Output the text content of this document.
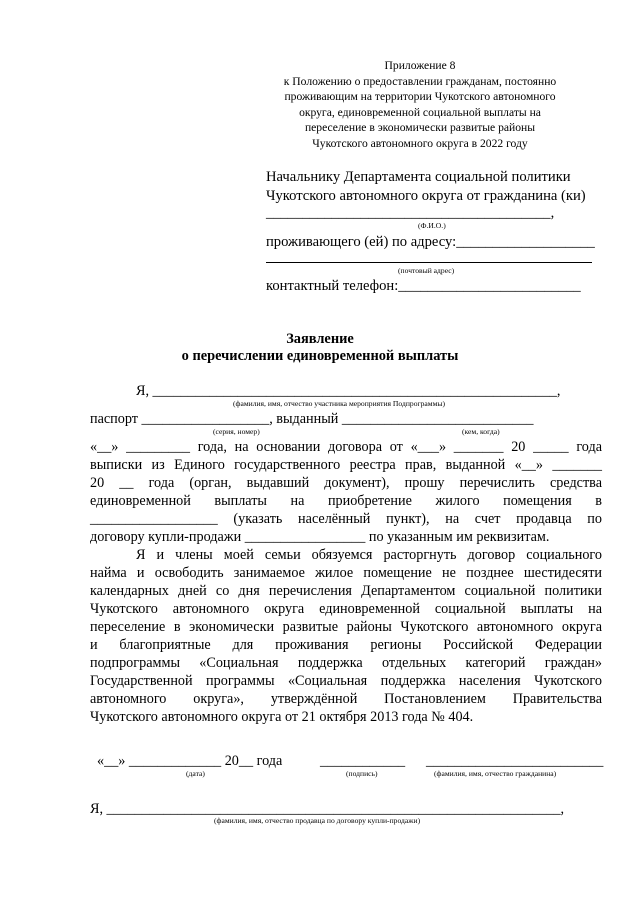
Приложение 8
к Положению о предоставлении гражданам, постоянно
проживающим на территории Чукотского автономного
округа, единовременной социальной выплаты на
переселение в экономически развитые районы
Чукотского автономного округа в 2022 году
Начальнику Департамента социальной политики
Чукотского автономного округа от гражданина (ки)
_______________________________________,
(Ф.И.О.)
проживающего (ей) по адресу:___________________
(почтовый адрес)
контактный телефон:_________________________
Заявление
о перечислении единовременной выплаты
Я, _________________________________________________________,
(фамилия, имя, отчество участника мероприятия Подпрограммы)
паспорт __________________, выданный ___________________________
(серия, номер)	(кем, когда)
«__» _________ года, на основании договора от «___» _______ 20 _____ года
выписки из Единого государственного реестра прав, выданной «__» _______
20 __ года (орган, выдавший документ), прошу перечислить средства
единовременной выплаты на приобретение жилого помещения в
__________________ (указать населённый пункт), на счет продавца по
договору купли-продажи _________________ по указанным им реквизитам.
Я и члены моей семьи обязуемся расторгнуть договор социального
найма и освободить занимаемое жилое помещение не позднее шестидесяти
календарных дней со дня перечисления Департаментом социальной политики
Чукотского автономного округа единовременной социальной выплаты на
переселение в экономически развитые районы Чукотского автономного округа
и благоприятные для проживания регионы Российской Федерации
подпрограммы «Социальная поддержка отдельных категорий граждан»
Государственной программы «Социальная поддержка населения Чукотского
автономного округа», утверждённой Постановлением Правительства
Чукотского автономного округа от 21 октября 2013 года № 404.
«__» _____________ 20__ года	____________ _________________________
(дата)	(подпись)	(фамилия, имя, отчество гражданина)
Я, ________________________________________________________________,
(фамилия, имя, отчество продавца по договору купли-продажи)
